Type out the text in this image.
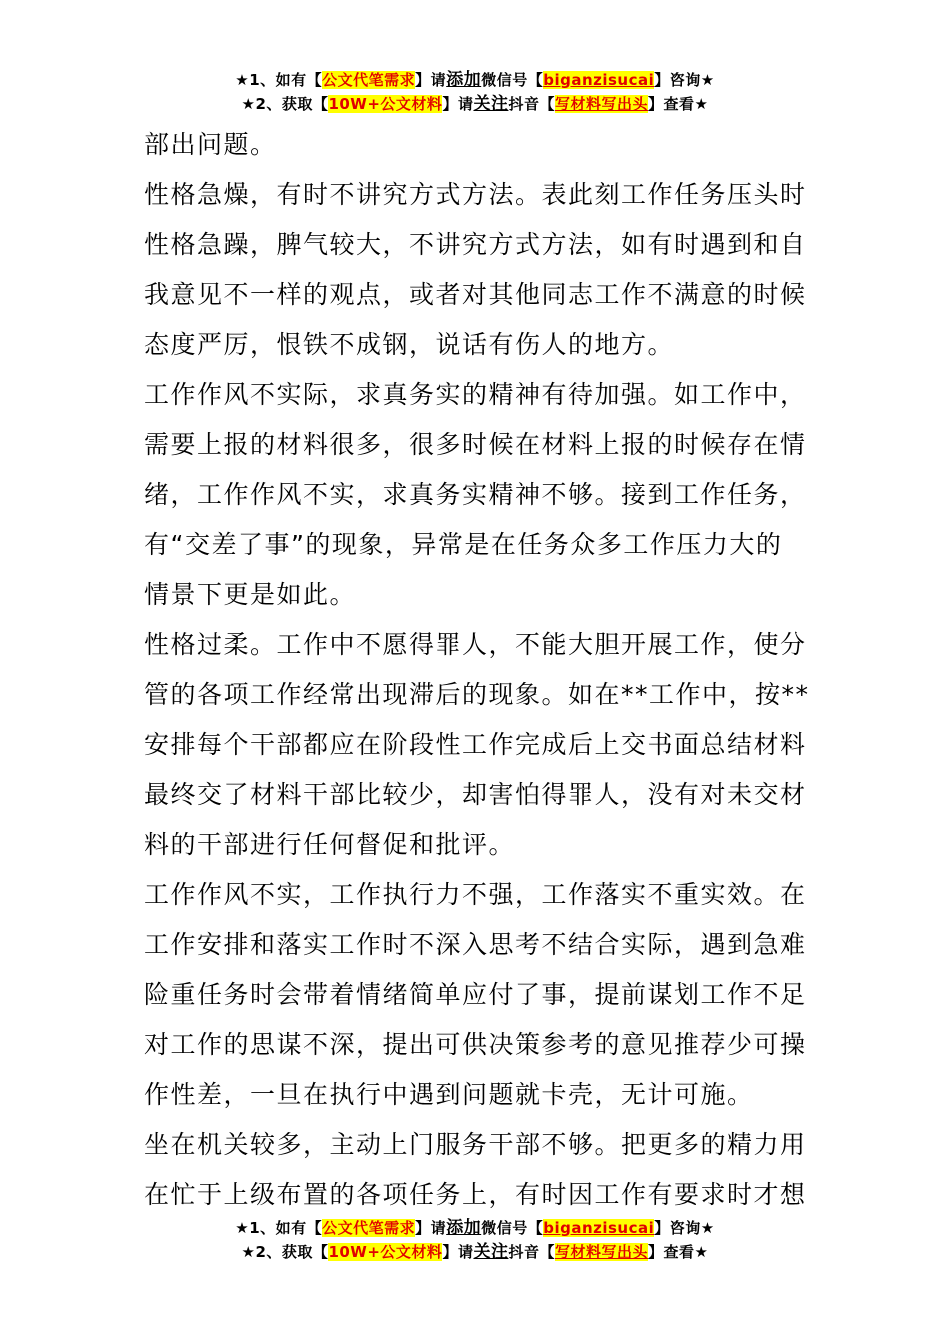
★1、如有【公文代笔需求】请添加微信号【biganzisucai】咨询★
★2、获取【10W+公文材料】请关注抖音【写材料写出头】查看★
部出问题。
性格急燥，有时不讲究方式方法。表此刻工作任务压头时
性格急躁，脾气较大，不讲究方式方法，如有时遇到和自
我意见不一样的观点，或者对其他同志工作不满意的时候
态度严厉，恨铁不成钢，说话有伤人的地方。
工作作风不实际，求真务实的精神有待加强。如工作中，
需要上报的材料很多，很多时候在材料上报的时候存在情
绪，工作作风不实，求真务实精神不够。接到工作任务，
有“交差了事”的现象，异常是在任务众多工作压力大的
情景下更是如此。
性格过柔。工作中不愿得罪人，不能大胆开展工作，使分
管的各项工作经常出现滞后的现象。如在**工作中，按**
安排每个干部都应在阶段性工作完成后上交书面总结材料
最终交了材料干部比较少，却害怕得罪人，没有对未交材
料的干部进行任何督促和批评。
工作作风不实，工作执行力不强，工作落实不重实效。在
工作安排和落实工作时不深入思考不结合实际，遇到急难
险重任务时会带着情绪简单应付了事，提前谋划工作不足
对工作的思谋不深，提出可供决策参考的意见推荐少可操
作性差，一旦在执行中遇到问题就卡壳，无计可施。
坐在机关较多，主动上门服务干部不够。把更多的精力用
在忙于上级布置的各项任务上，有时因工作有要求时才想
★1、如有【公文代笔需求】请添加微信号【biganzisucai】咨询★
★2、获取【10W+公文材料】请关注抖音【写材料写出头】查看★
